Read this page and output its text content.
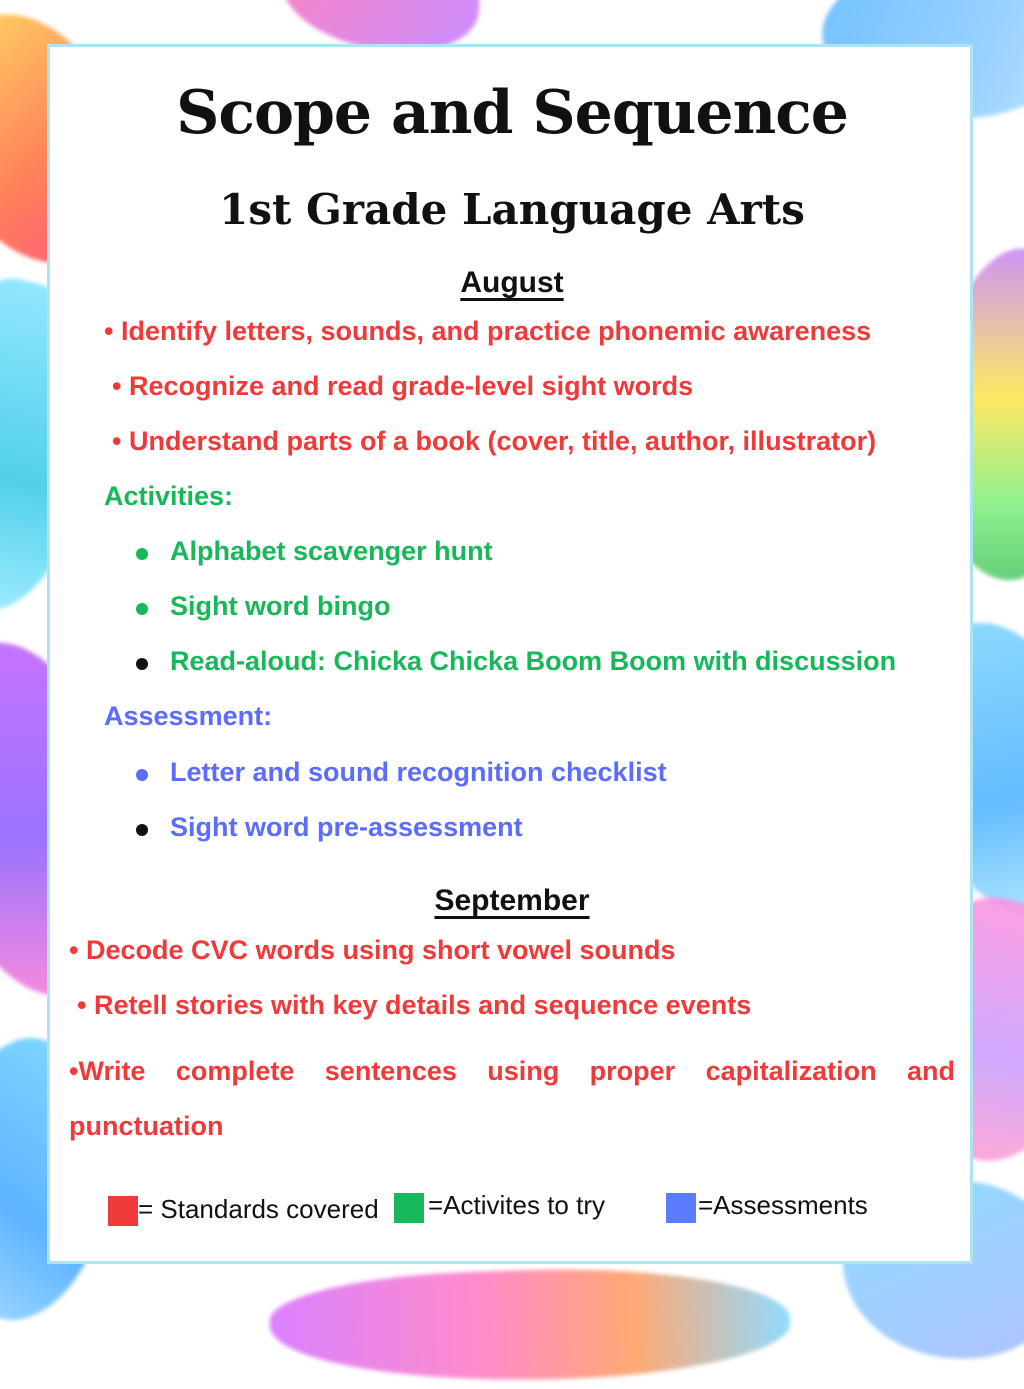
Scope and Sequence
1st Grade Language Arts

August

• Identify letters, sounds, and practice phonemic awareness

• Recognize and read grade-level sight words

• Understand parts of a book (cover, title, author, illustrator)

Activities:

Alphabet scavenger hunt

Sight word bingo

Read-aloud: Chicka Chicka Boom Boom with discussion

Assessment:

Letter and sound recognition checklist

Sight word pre-assessment

September

• Decode CVC words using short vowel sounds

• Retell stories with key details and sequence events

•Write complete sentences using proper capitalization and punctuation

= Standards covered =Activites to try	=Assessments
